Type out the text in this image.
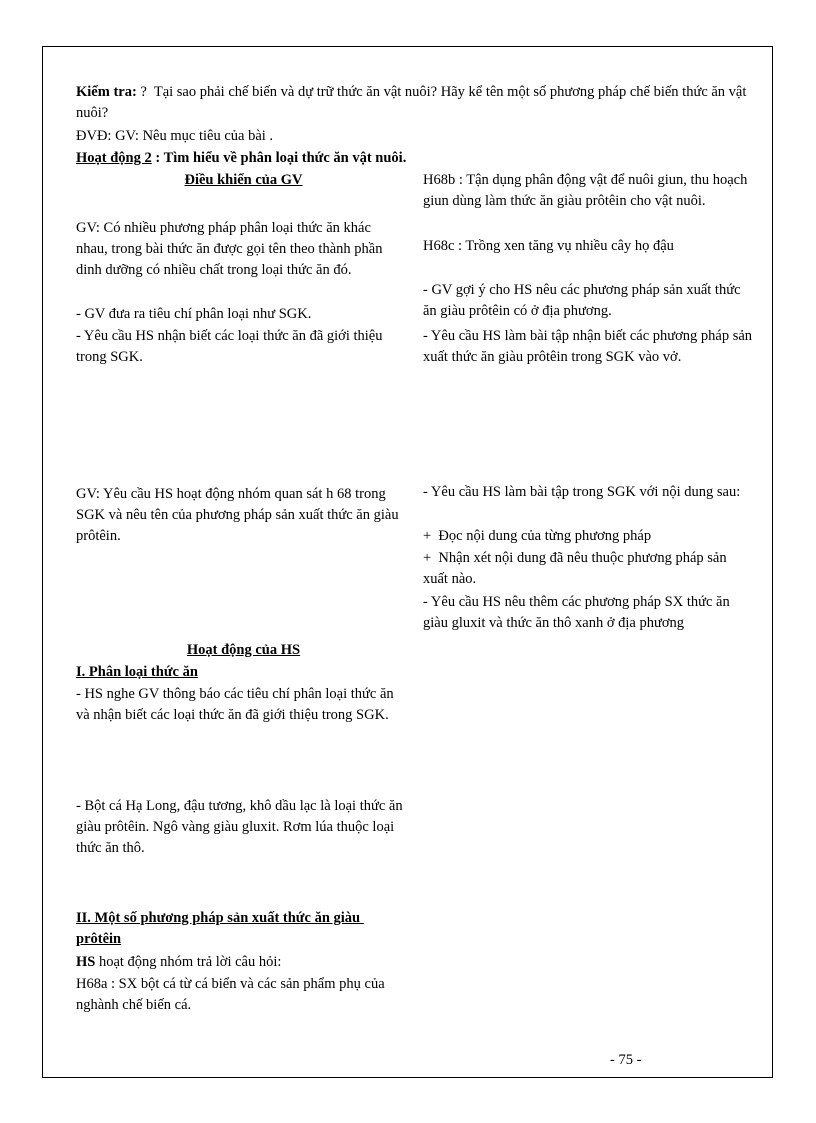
Kiểm tra: ?  Tại sao phải chế biến và dự trữ thức ăn vật nuôi? Hãy kể tên một số phương pháp chế biến thức ăn vật nuôi?
ĐVĐ: GV: Nêu mục tiêu của bài .
Hoạt động 2 : Tìm hiểu về phân loại thức ăn vật nuôi.
Điều khiển của GV
GV: Có nhiều phương pháp phân loại thức ăn khác nhau, trong bài thức ăn được gọi tên theo thành phần dinh dưỡng có nhiều chất trong loại thức ăn đó.
- GV đưa ra tiêu chí phân loại như SGK.
- Yêu cầu HS nhận biết các loại thức ăn đã giới thiệu trong SGK.
GV: Yêu cầu HS hoạt động nhóm quan sát h 68 trong SGK và nêu tên của phương pháp sản xuất thức ăn giàu prôtêin.
Hoạt động của HS
I. Phân loại thức ăn
- HS nghe GV thông báo các tiêu chí phân loại thức ăn và nhận biết các loại thức ăn đã giới thiệu trong SGK.
- Bột cá Hạ Long, đậu tương, khô dầu lạc là loại thức ăn giàu prôtêin. Ngô vàng giàu gluxit. Rơm lúa thuộc loại thức ăn thô.
II. Một số phương pháp sản xuất thức ăn giàu prôtêin
HS hoạt động nhóm trả lời câu hỏi:
H68a : SX bột cá từ cá biển và các sản phẩm phụ của nghành chế biến cá.
H68b : Tận dụng phân động vật để nuôi giun, thu hoạch giun dùng làm thức ăn giàu prôtêin cho vật nuôi.
H68c : Trồng xen tăng vụ nhiều cây họ đậu
- GV gợi ý cho HS nêu các phương pháp sản xuất thức ăn giàu prôtêin có ở địa phương.
- Yêu cầu HS làm bài tập nhận biết các phương pháp sản xuất thức ăn giàu prôtêin trong SGK vào vở.
- Yêu cầu HS làm bài tập trong SGK với nội dung sau:
+  Đọc nội dung của từng phương pháp
+  Nhận xét nội dung đã nêu thuộc phương pháp sản xuất nào.
- Yêu cầu HS nêu thêm các phương pháp SX thức ăn giàu gluxit và thức ăn thô xanh ở địa phương
- 75 -
